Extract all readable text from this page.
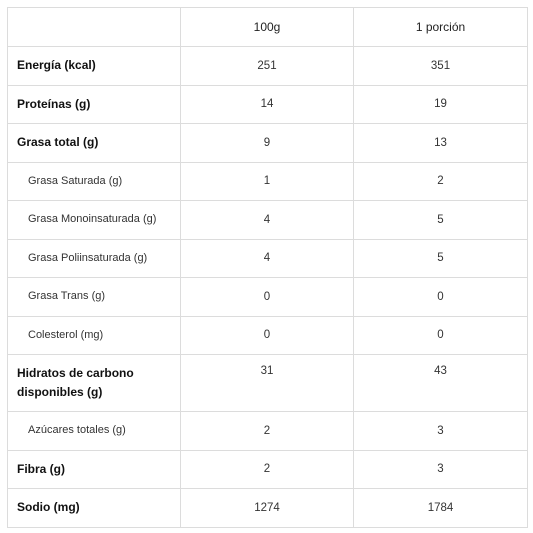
	100g	1 porción
Energía (kcal)	251	351
Proteínas (g)	14	19
Grasa total (g)	9	13
Grasa Saturada (g)	1	2
Grasa Monoinsaturada (g)	4	5
Grasa Poliinsaturada (g)	4	5
Grasa Trans (g)	0	0
Colesterol (mg)	0	0
Hidratos de carbono disponibles (g)	31	43
Azúcares totales (g)	2	3
Fibra (g)	2	3
Sodio (mg)	1274	1784
